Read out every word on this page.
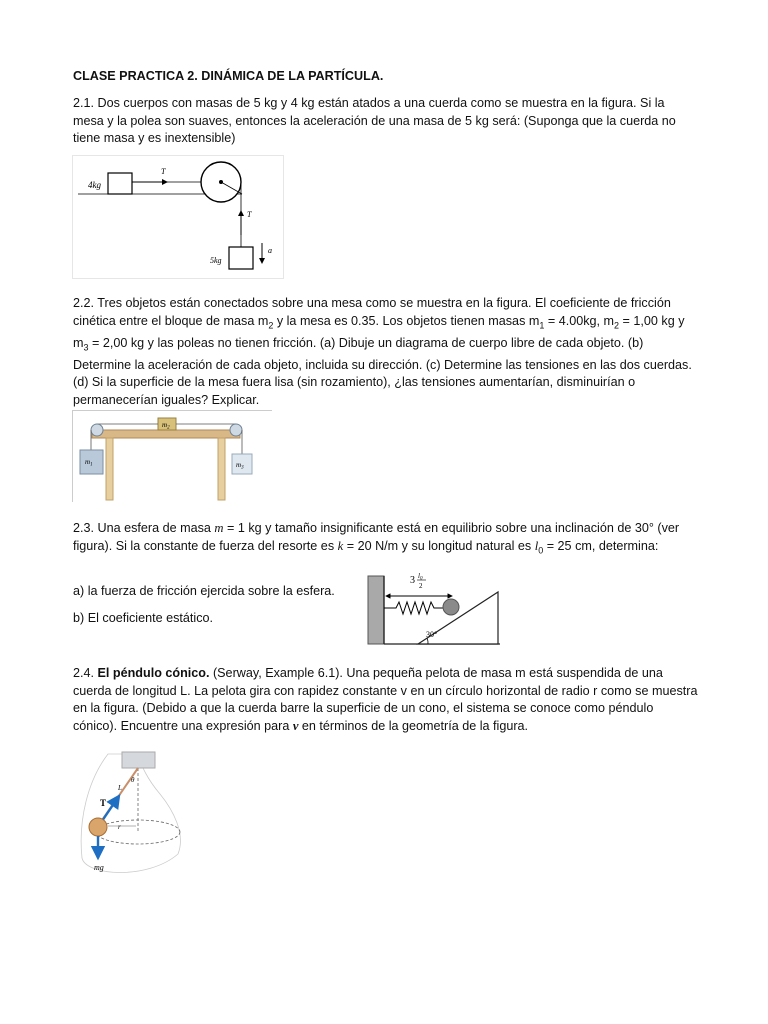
CLASE PRACTICA 2. DINÁMICA DE LA PARTÍCULA.

2.1. Dos cuerpos con masas de 5 kg y 4 kg están atados a una cuerda como se muestra en la figura. Si la mesa y la polea son suaves, entonces la aceleración de una masa de 5 kg será: (Suponga que la cuerda no tiene masa y es inextensible)

4kg
T
T
5kg
a

2.2. Tres objetos están conectados sobre una mesa como se muestra en la figura. El coeficiente de fricción cinética entre el bloque de masa $m_2$ y la mesa es 0.35. Los objetos tienen masas $m_1 = 4.00kg$, $m_2 = 1,00$ kg y $m_3 = 2,00$ kg y las poleas no tienen fricción. (a) Dibuje un diagrama de cuerpo libre de cada objeto. (b) Determine la aceleración de cada objeto, incluida su dirección. (c) Determine las tensiones en las dos cuerdas. (d) Si la superficie de la mesa fuera lisa (sin rozamiento), ¿las tensiones aumentarían, disminuirían o permanecerían iguales? Explicar.

$m_2$
$m_1$	$m_3$

2.3. Una esfera de masa m = 1 kg y tamaño insignificante está en equilibrio sobre una inclinación de 30° (ver figura). Si la constante de fuerza del resorte es k = 20 N/m y su longitud natural es $l_0 = 25$ cm, determina:

a) la fuerza de fricción ejercida sobre la esfera.

b) El coeficiente estático.

3 $l_0$
2
30°

2.4. El péndulo cónico. (Serway, Example 6.1). Una pequeña pelota de masa m está suspendida de una cuerda de longitud L. La pelota gira con rapidez constante v en un círculo horizontal de radio r como se muestra en la figura. (Debido a que la cuerda barre la superficie de un cono, el sistema se conoce como péndulo cónico). Encuentre una expresión para v en términos de la geometría de la figura.

r
L
θ
T
mg
